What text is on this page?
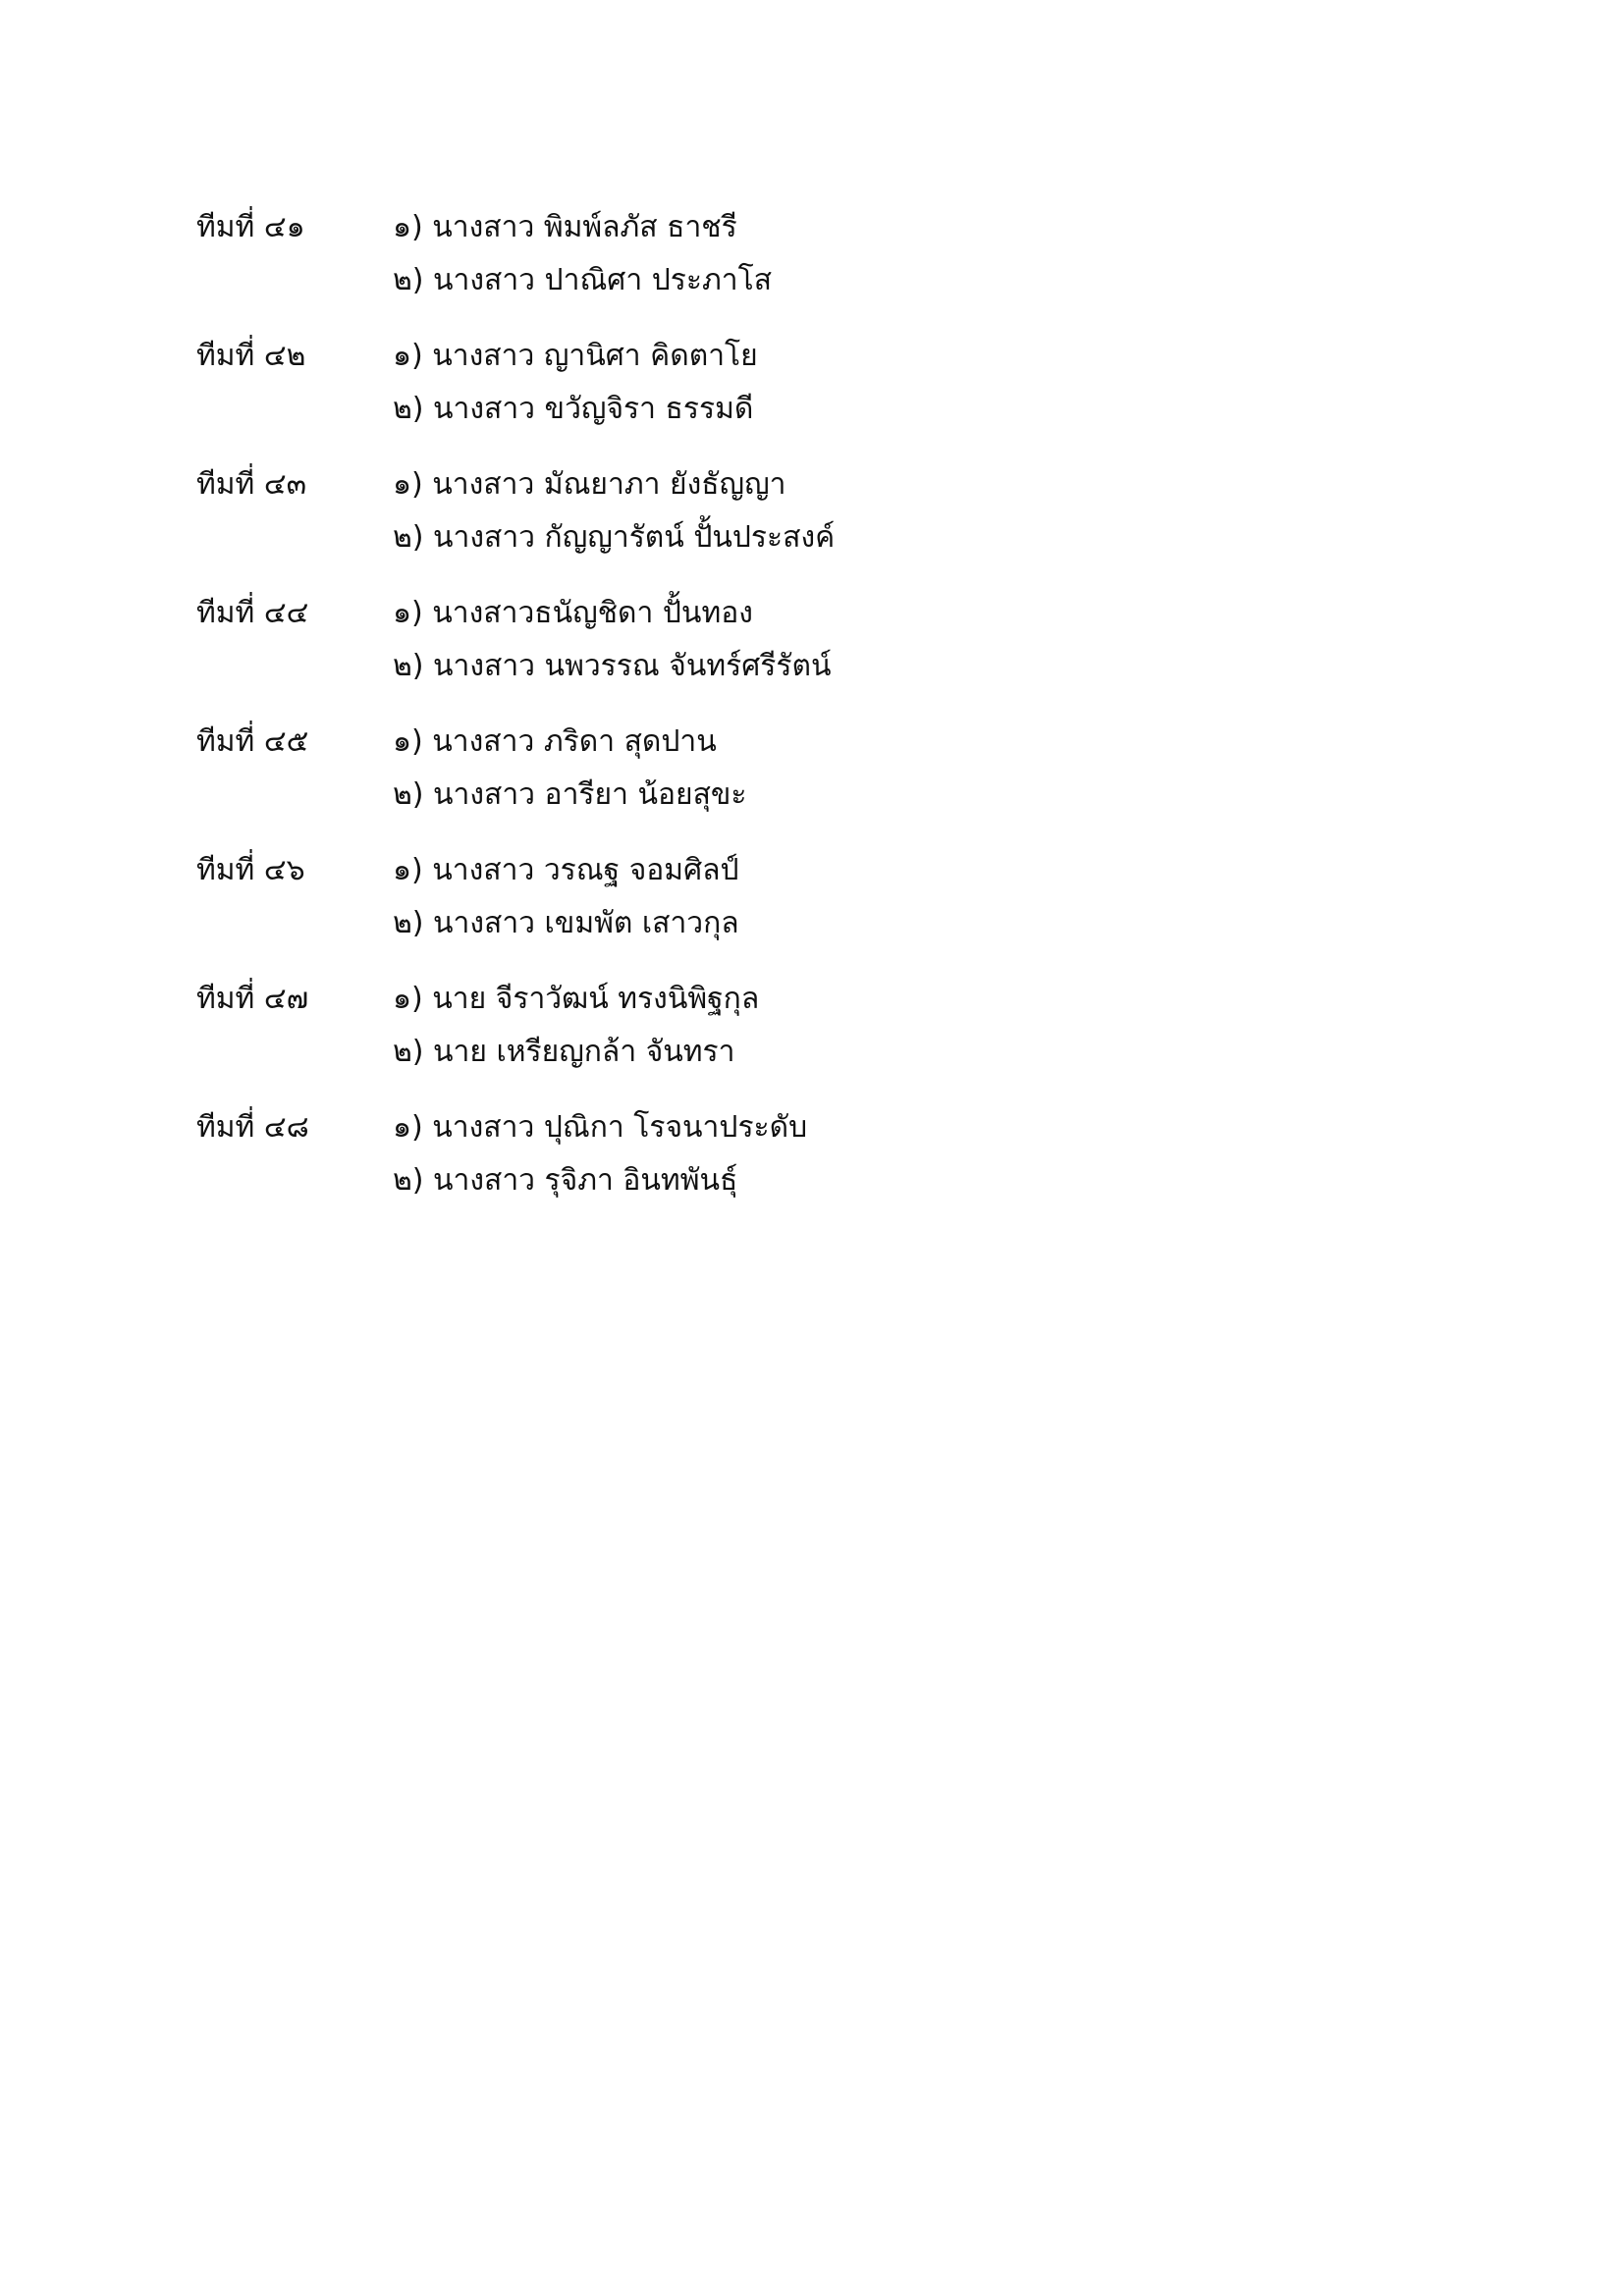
ทีมที่ ๔๑	๑) นางสาว พิมพ์ลภัส ธาชรี
๒) นางสาว ปาณิศา ประภาโส
ทีมที่ ๔๒	๑) นางสาว ญานิศา คิดตาโย
๒) นางสาว ขวัญจิรา ธรรมดี
ทีมที่ ๔๓	๑) นางสาว มัณยาภา ยังธัญญา
๒) นางสาว กัญญารัตน์ ปั้นประสงค์
ทีมที่ ๔๔	๑) นางสาวธนัญชิดา ปั้นทอง
๒) นางสาว นพวรรณ จันทร์ศรีรัตน์
ทีมที่ ๔๕	๑) นางสาว ภริดา สุดปาน
๒) นางสาว อารียา น้อยสุขะ
ทีมที่ ๔๖	๑) นางสาว วรณฐ จอมศิลป์
๒) นางสาว เขมพัต เสาวกุล
ทีมที่ ๔๗	๑) นาย จีราวัฒน์ ทรงนิพิฐกุล
๒) นาย เหรียญกล้า จันทรา
ทีมที่ ๔๘	๑) นางสาว ปุณิกา โรจนาประดับ
๒) นางสาว รุจิภา อินทพันธุ์
